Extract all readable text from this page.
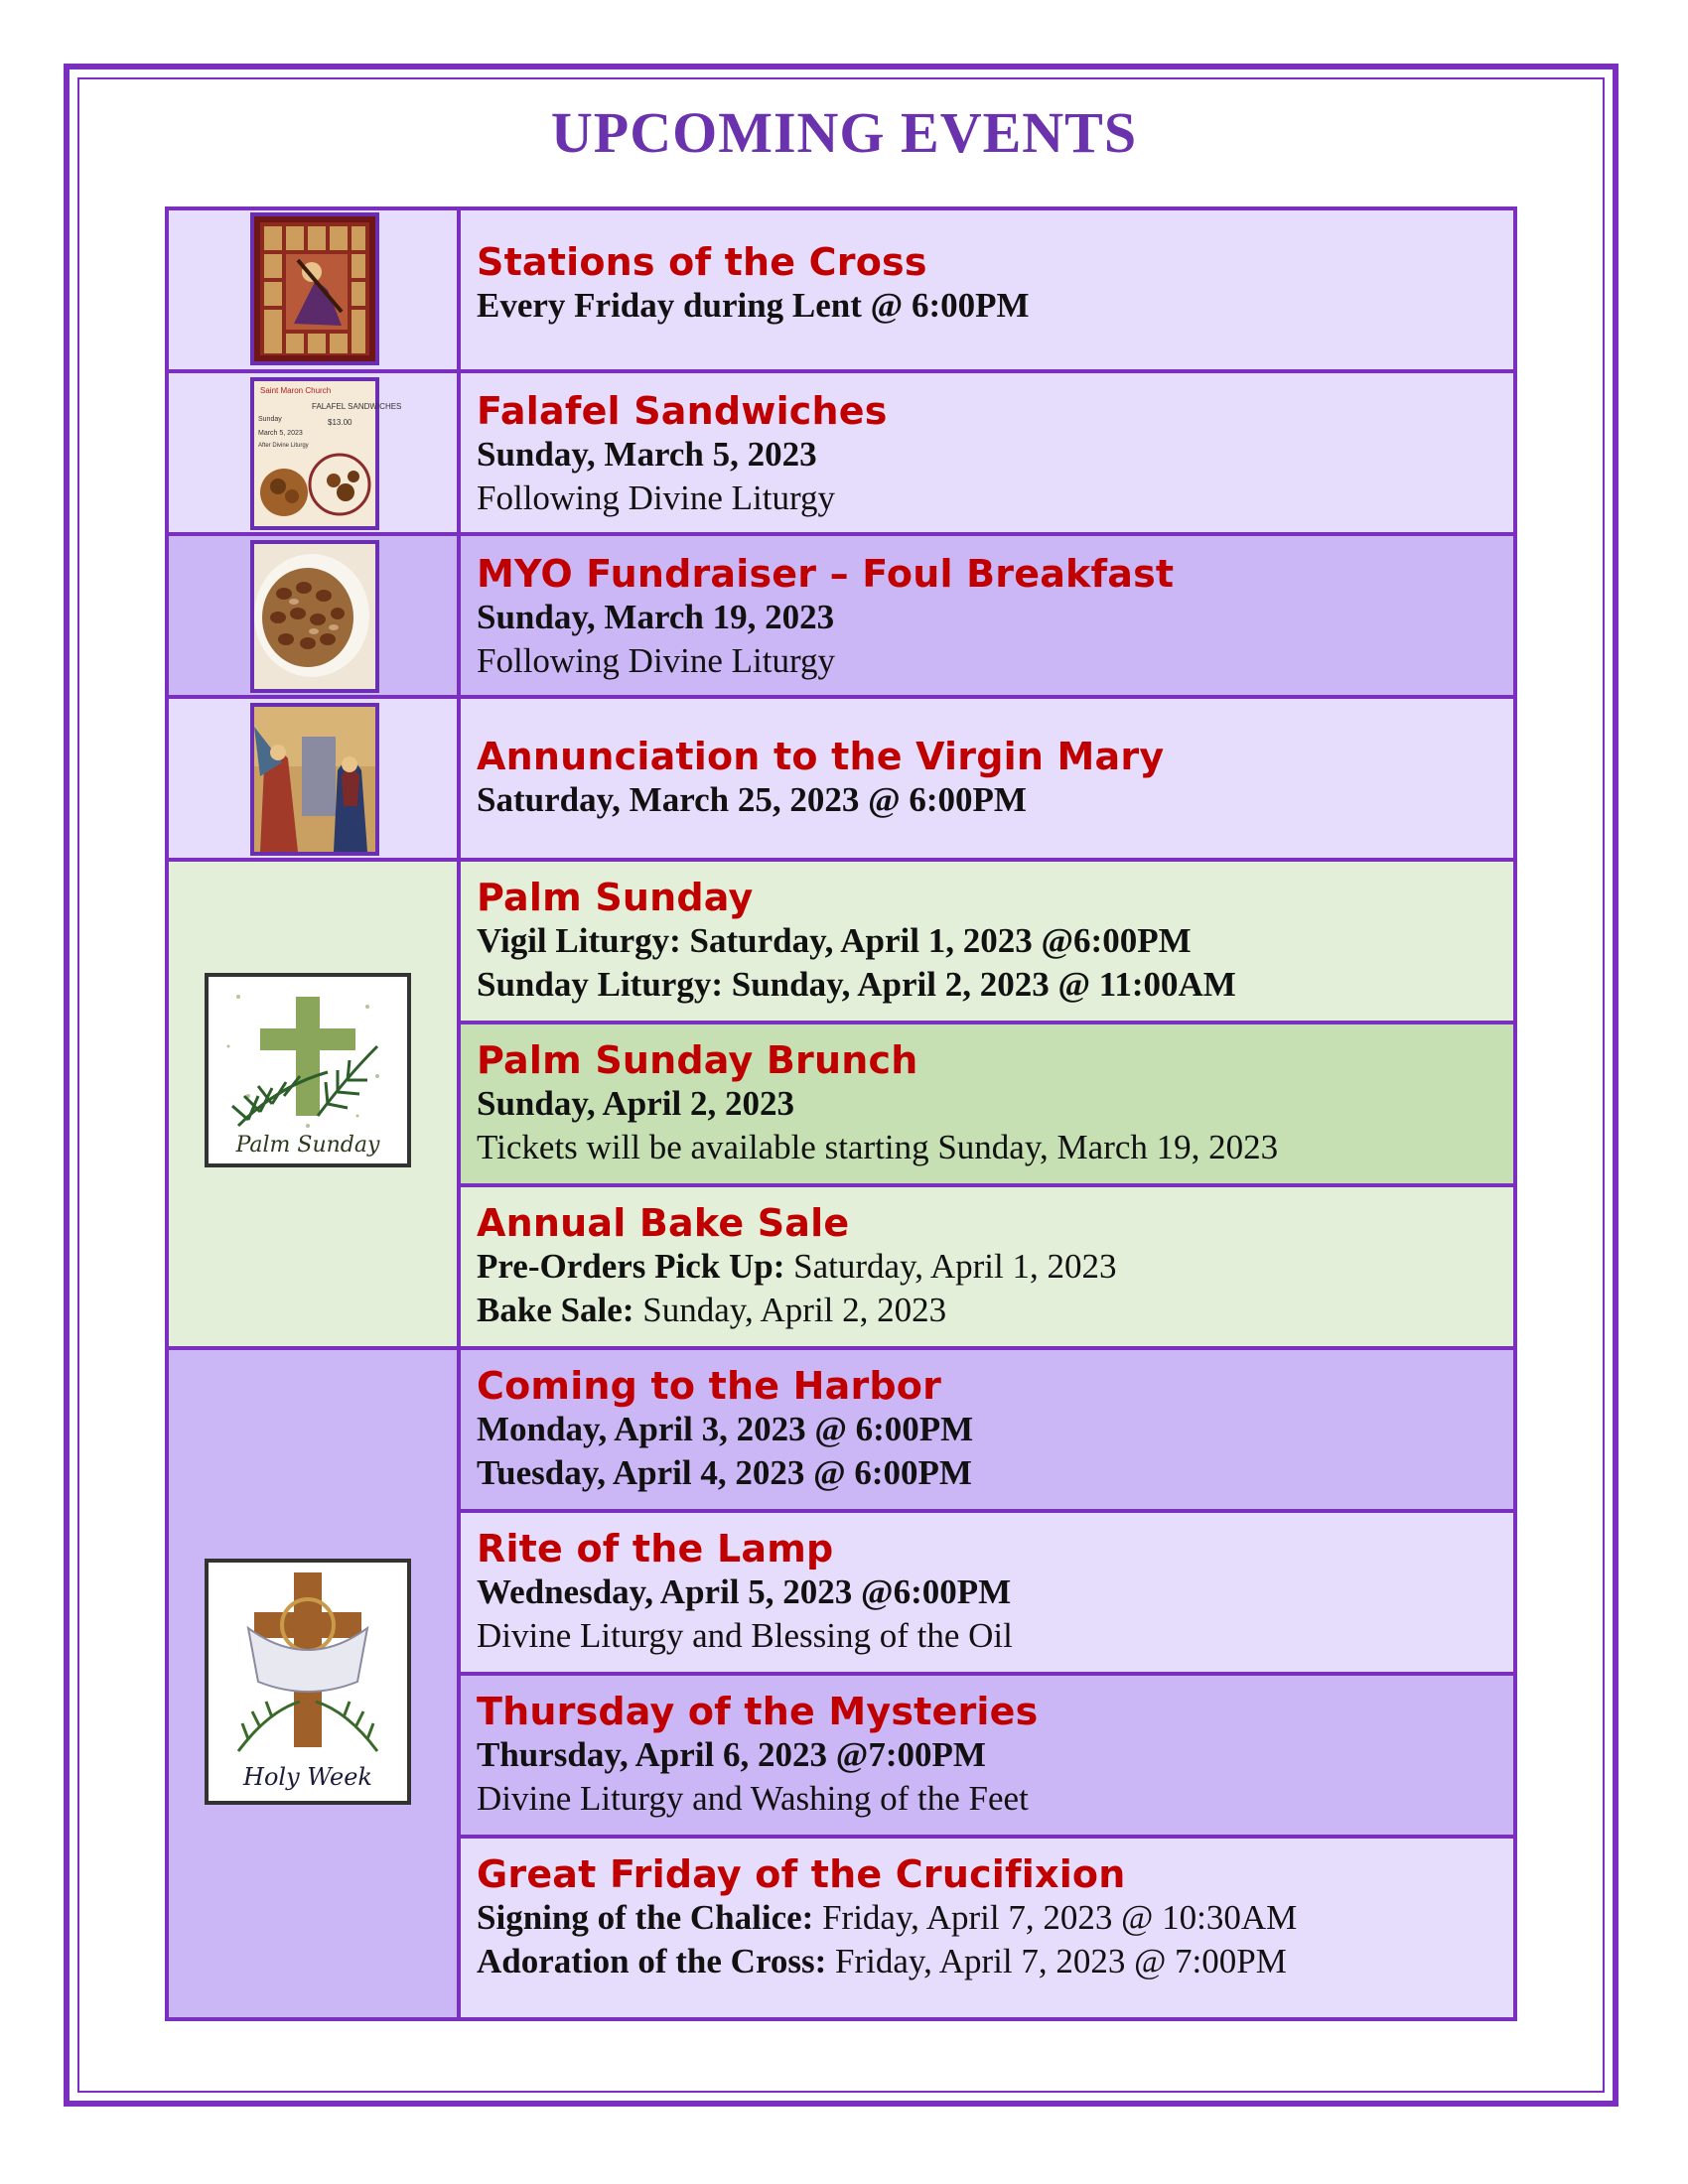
UPCOMING EVENTS
Stations of the Cross
Every Friday during Lent @ 6:00PM
Falafel Sandwiches
Sunday, March 5, 2023
Following Divine Liturgy
MYO Fundraiser – Foul Breakfast
Sunday, March 19, 2023
Following Divine Liturgy
Annunciation to the Virgin Mary
Saturday, March 25, 2023 @ 6:00PM
Palm Sunday
Vigil Liturgy: Saturday, April 1, 2023 @6:00PM
Sunday Liturgy: Sunday, April 2, 2023 @ 11:00AM
Palm Sunday Brunch
Sunday, April 2, 2023
Tickets will be available starting Sunday, March 19, 2023
Annual Bake Sale
Pre-Orders Pick Up: Saturday, April 1, 2023
Bake Sale: Sunday, April 2, 2023
Coming to the Harbor
Monday, April 3, 2023 @ 6:00PM
Tuesday, April 4, 2023 @ 6:00PM
Rite of the Lamp
Wednesday, April 5, 2023 @6:00PM
Divine Liturgy and Blessing of the Oil
Thursday of the Mysteries
Thursday, April 6, 2023 @7:00PM
Divine Liturgy and Washing of the Feet
Great Friday of the Crucifixion
Signing of the Chalice: Friday, April 7, 2023 @ 10:30AM
Adoration of the Cross: Friday, April 7, 2023 @ 7:00PM
Saint Maron Church
FALAFEL SANDWICHES
$13.00
Sunday
March 5, 2023
After Divine Liturgy
Palm Sunday
Holy Week
